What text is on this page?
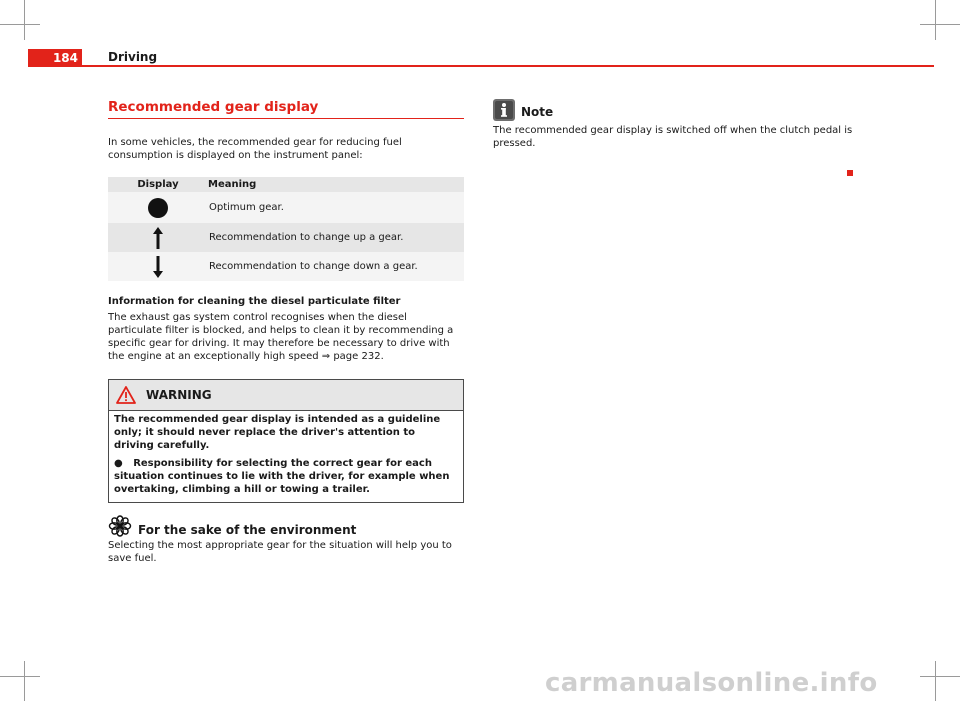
184	Driving
Recommended gear display

In some vehicles, the recommended gear for reducing fuel consumption is displayed on the instrument panel:

Display	Meaning
	Optimum gear.
	Recommendation to change up a gear.
	Recommendation to change down a gear.
Information for cleaning the diesel particulate filter

The exhaust gas system control recognises when the diesel particulate filter is blocked, and helps to clean it by recommending a specific gear for driving. It may therefore be necessary to drive with the engine at an exceptionally high speed ⇒ page 232.

WARNING

The recommended gear display is intended as a guideline only; it should never replace the driver's attention to driving carefully.

● Responsibility for selecting the correct gear for each situation continues to lie with the driver, for example when overtaking, climbing a hill or towing a trailer.

For the sake of the environment

Selecting the most appropriate gear for the situation will help you to save fuel.

Note

The recommended gear display is switched off when the clutch pedal is pressed.

carmanualsonline.info
